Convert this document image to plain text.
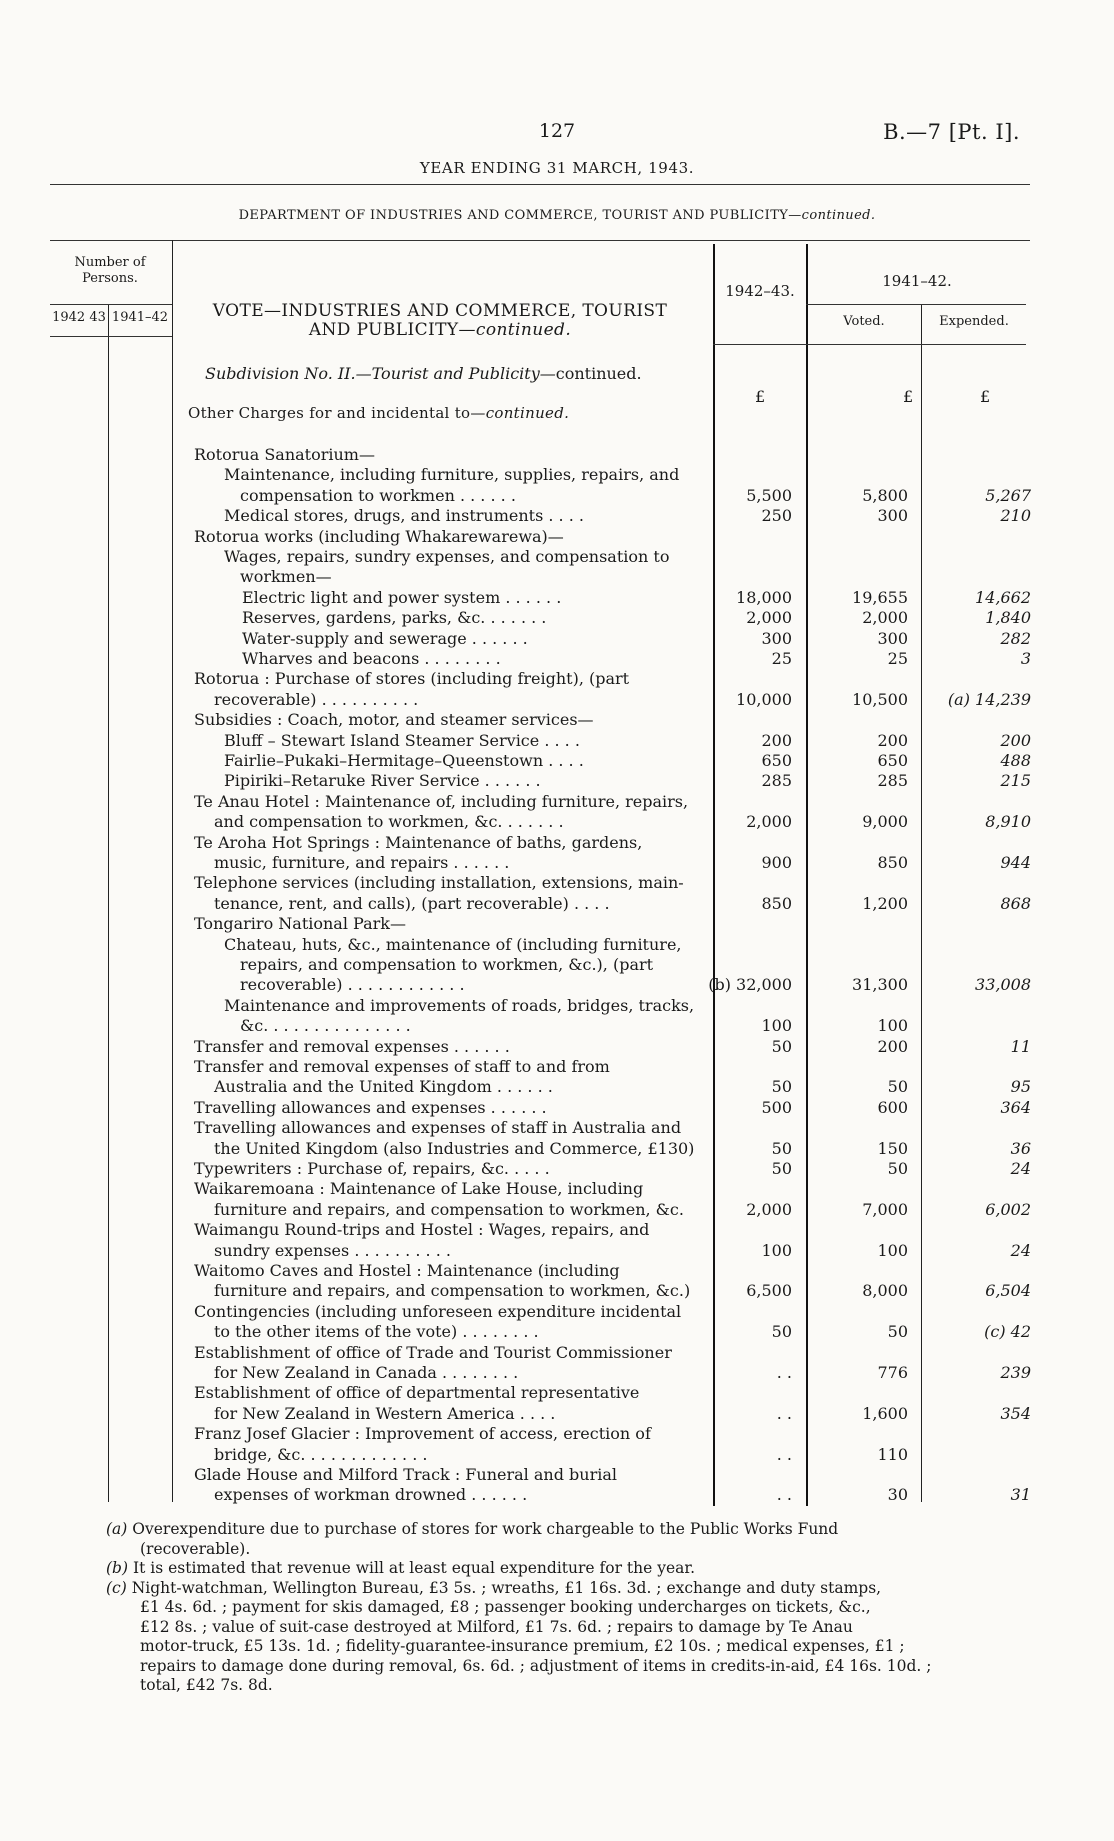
127	B.—7 [Pt. I].
YEAR ENDING 31 MARCH, 1943.
DEPARTMENT OF INDUSTRIES AND COMMERCE, TOURIST AND PUBLICITY—continued.
Number of Persons.
1942 43 1941–42	VOTE—INDUSTRIES AND COMMERCE, TOURIST
AND PUBLICITY—continued.
1942–43.
1941–42.
Voted.	Expended.
Subdivision No. II.—Tourist and Publicity—continued.
Other Charges for and incidental to—continued.
£	£	£
Rotorua Sanatorium—
Maintenance, including furniture, supplies, repairs, and
compensation to workmen . . . . . .	5,500	5,800	5,267
Medical stores, drugs, and instruments . . . .	250	300	210
Rotorua works (including Whakarewarewa)—
Wages, repairs, sundry expenses, and compensation to
workmen—
Electric light and power system . . . . . .	18,000	19,655	14,662
Reserves, gardens, parks, &c. . . . . . .	2,000	2,000	1,840
Water-supply and sewerage . . . . . .	300	300	282
Wharves and beacons . . . . . . . .	25	25	3
Rotorua : Purchase of stores (including freight), (part
recoverable) . . . . . . . . . .	10,000	10,500 (a) 14,239
Subsidies : Coach, motor, and steamer services—
Bluff – Stewart Island Steamer Service . . . .	200	200	200
Fairlie–Pukaki–Hermitage–Queenstown . . . .	650	650	488
Pipiriki–Retaruke River Service . . . . . .	285	285	215
Te Anau Hotel : Maintenance of, including furniture, repairs,
and compensation to workmen, &c. . . . . . .	2,000	9,000	8,910
Te Aroha Hot Springs : Maintenance of baths, gardens,
music, furniture, and repairs . . . . . .	900	850	944
Telephone services (including installation, extensions, main-
tenance, rent, and calls), (part recoverable) . . . .	850	1,200	868
Tongariro National Park—
Chateau, huts, &c., maintenance of (including furniture,
repairs, and compensation to workmen, &c.), (part
recoverable) . . . . . . . . . . . .	(b) 32,000	31,300	33,008
Maintenance and improvements of roads, bridges, tracks,
&c. . . . . . . . . . . . . . .	100	100
Transfer and removal expenses . . . . . .	50	200	11
Transfer and removal expenses of staff to and from
Australia and the United Kingdom . . . . . .	50	50	95
Travelling allowances and expenses . . . . . .	500	600	364
Travelling allowances and expenses of staff in Australia and
the United Kingdom (also Industries and Commerce, £130)	50	150	36
Typewriters : Purchase of, repairs, &c. . . . .	50	50	24
Waikaremoana : Maintenance of Lake House, including
furniture and repairs, and compensation to workmen, &c.	2,000	7,000	6,002
Waimangu Round-trips and Hostel : Wages, repairs, and
sundry expenses . . . . . . . . . .	100	100	24
Waitomo Caves and Hostel : Maintenance (including
furniture and repairs, and compensation to workmen, &c.)	6,500	8,000	6,504
Contingencies (including unforeseen expenditure incidental
to the other items of the vote) . . . . . . . .	50	50	(c) 42
Establishment of office of Trade and Tourist Commissioner
for New Zealand in Canada . . . . . . . .	. .	776	239
Establishment of office of departmental representative
for New Zealand in Western America . . . .	. .	1,600	354
Franz Josef Glacier : Improvement of access, erection of
bridge, &c. . . . . . . . . . . . .	. .	110
Glade House and Milford Track : Funeral and burial
expenses of workman drowned . . . . . .	. .	30	31
(a) Overexpenditure due to purchase of stores for work chargeable to the Public Works Fund
(recoverable).
(b) It is estimated that revenue will at least equal expenditure for the year.
(c) Night-watchman, Wellington Bureau, £3 5s. ; wreaths, £1 16s. 3d. ; exchange and duty stamps,
£1 4s. 6d. ; payment for skis damaged, £8 ; passenger booking undercharges on tickets, &c.,
£12 8s. ; value of suit-case destroyed at Milford, £1 7s. 6d. ; repairs to damage by Te Anau
motor-truck, £5 13s. 1d. ; fidelity-guarantee-insurance premium, £2 10s. ; medical expenses, £1 ;
repairs to damage done during removal, 6s. 6d. ; adjustment of items in credits-in-aid, £4 16s. 10d. ;
total, £42 7s. 8d.
